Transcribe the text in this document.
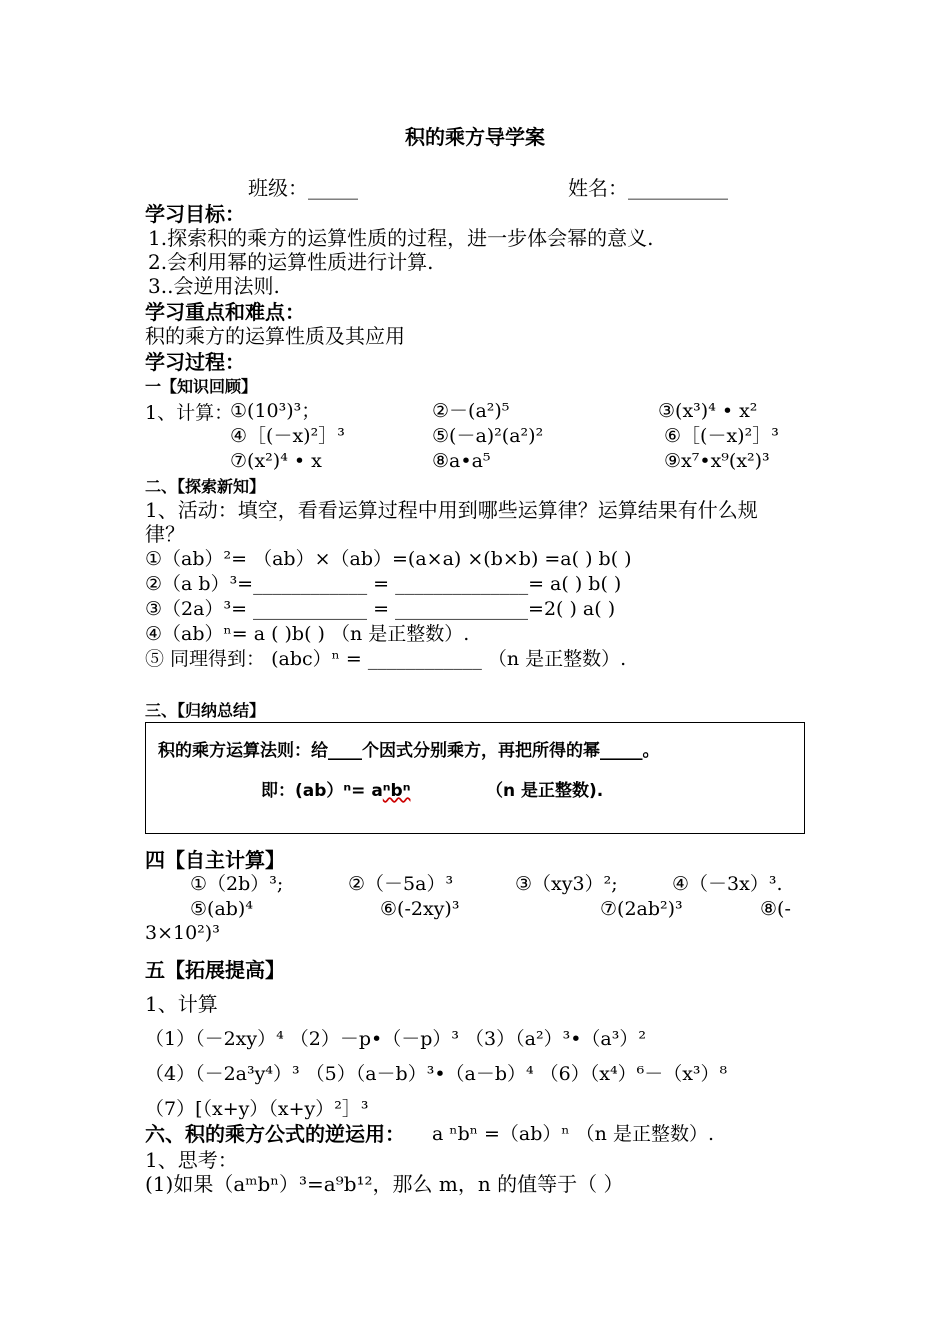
积的乘方导学案
班级：_____	姓名：__________
学习目标：
1.探索积的乘方的运算性质的过程，进一步体会幂的意义.
2.会利用幂的运算性质进行计算.
3..会逆用法则.
学习重点和难点：
积的乘方的运算性质及其应用
学习过程：
一【知识回顾】
1、计算：
①(10³)³；	②－(a²)⁵	③(x³)⁴ • x²
④［(－x)²］³	⑤(－a)²(a²)²	⑥［(－x)²］³
⑦(x²)⁴ • x	⑧a•a⁵	⑨x⁷•x⁹(x²)³
二、【探索新知】
1、活动：填空，看看运算过程中用到哪些运算律？运算结果有什么规
律？
①（ab）²= （ab）×（ab）=(a×a) ×(b×b) =a( ) b( )
②（a b）³=____________ = ______________= a( ) b( )
③（2a）³= ____________ = ______________=2( ) a( )
④（ab）ⁿ= a ( )b( ) （n 是正整数）.
⑤ 同理得到： (abc）ⁿ = ____________ （n 是正整数）.
三、【归纳总结】
积的乘方运算法则：给____个因式分别乘方，再把所得的幂_____。
即：(ab）ⁿ= aⁿbⁿ	（n 是正整数).
四【自主计算】
①（2b）³;	②（－5a）³	③（xy3）²;	④（－3x）³.
⑤(ab)⁴	⑥(-2xy)³	⑦(2ab²)³	⑧(-
3×10²)³
五【拓展提高】
1、计算
（1）（－2xy）⁴ （2）－p•（－p）³ （3）（a²）³•（a³）²
（4）（－2a³y⁴）³ （5）（a－b）³•（a－b）⁴ （6）（x⁴）⁶－（x³）⁸
（7）[（x+y）（x+y）²］³
六、积的乘方公式的逆运用： a ⁿbⁿ =（ab）ⁿ （n 是正整数）.
1、思考：
(1)如果（aᵐbⁿ）³=a⁹b¹²，那么 m，n 的值等于（ ）
